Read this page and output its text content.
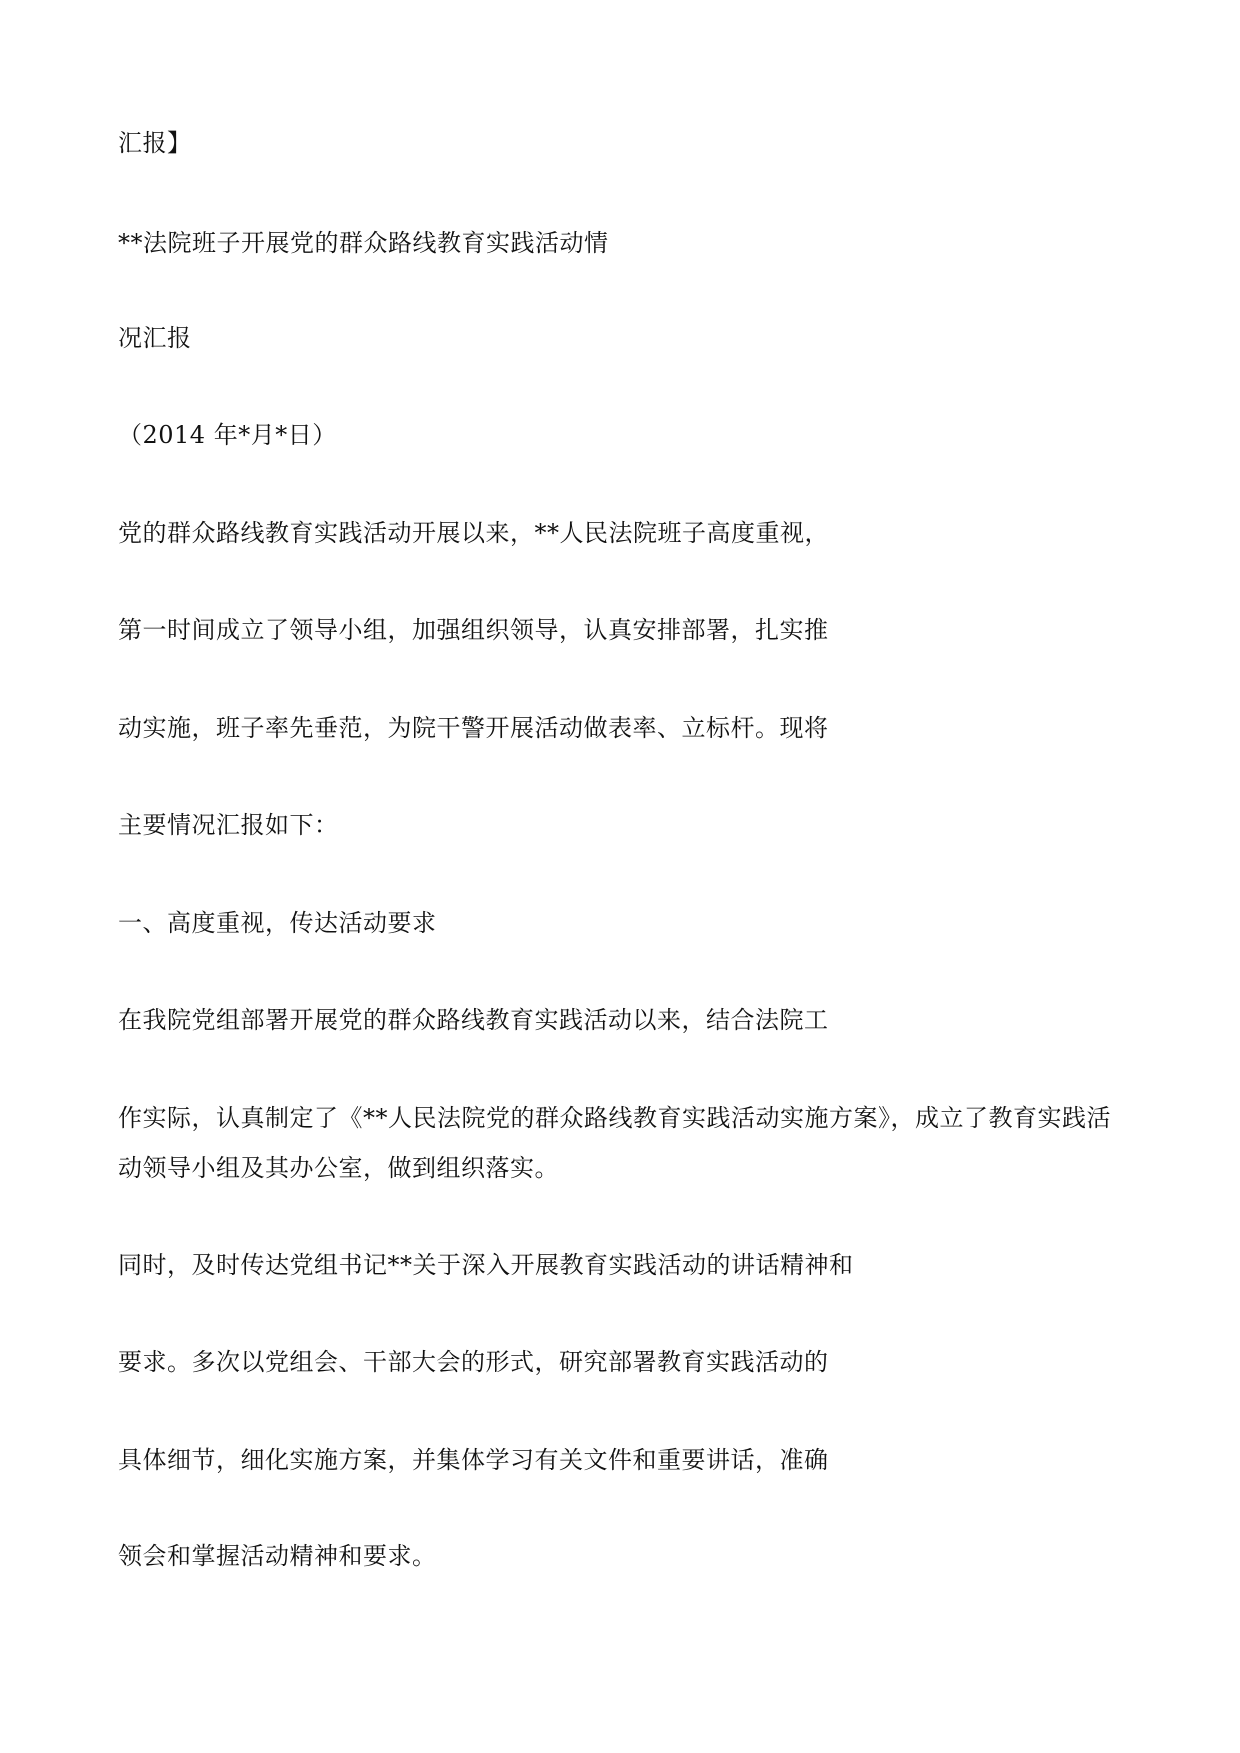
汇报】

**法院班子开展党的群众路线教育实践活动情

况汇报

（2014 年*月*日）

党的群众路线教育实践活动开展以来，**人民法院班子高度重视，

第一时间成立了领导小组，加强组织领导，认真安排部署，扎实推

动实施，班子率先垂范，为院干警开展活动做表率、立标杆。现将

主要情况汇报如下：

一、高度重视，传达活动要求

在我院党组部署开展党的群众路线教育实践活动以来，结合法院工

作实际，认真制定了《**人民法院党的群众路线教育实践活动实施方案》，成立了教育实践活

动领导小组及其办公室，做到组织落实。

同时，及时传达党组书记**关于深入开展教育实践活动的讲话精神和

要求。多次以党组会、干部大会的形式，研究部署教育实践活动的

具体细节，细化实施方案，并集体学习有关文件和重要讲话，准确

领会和掌握活动精神和要求。
